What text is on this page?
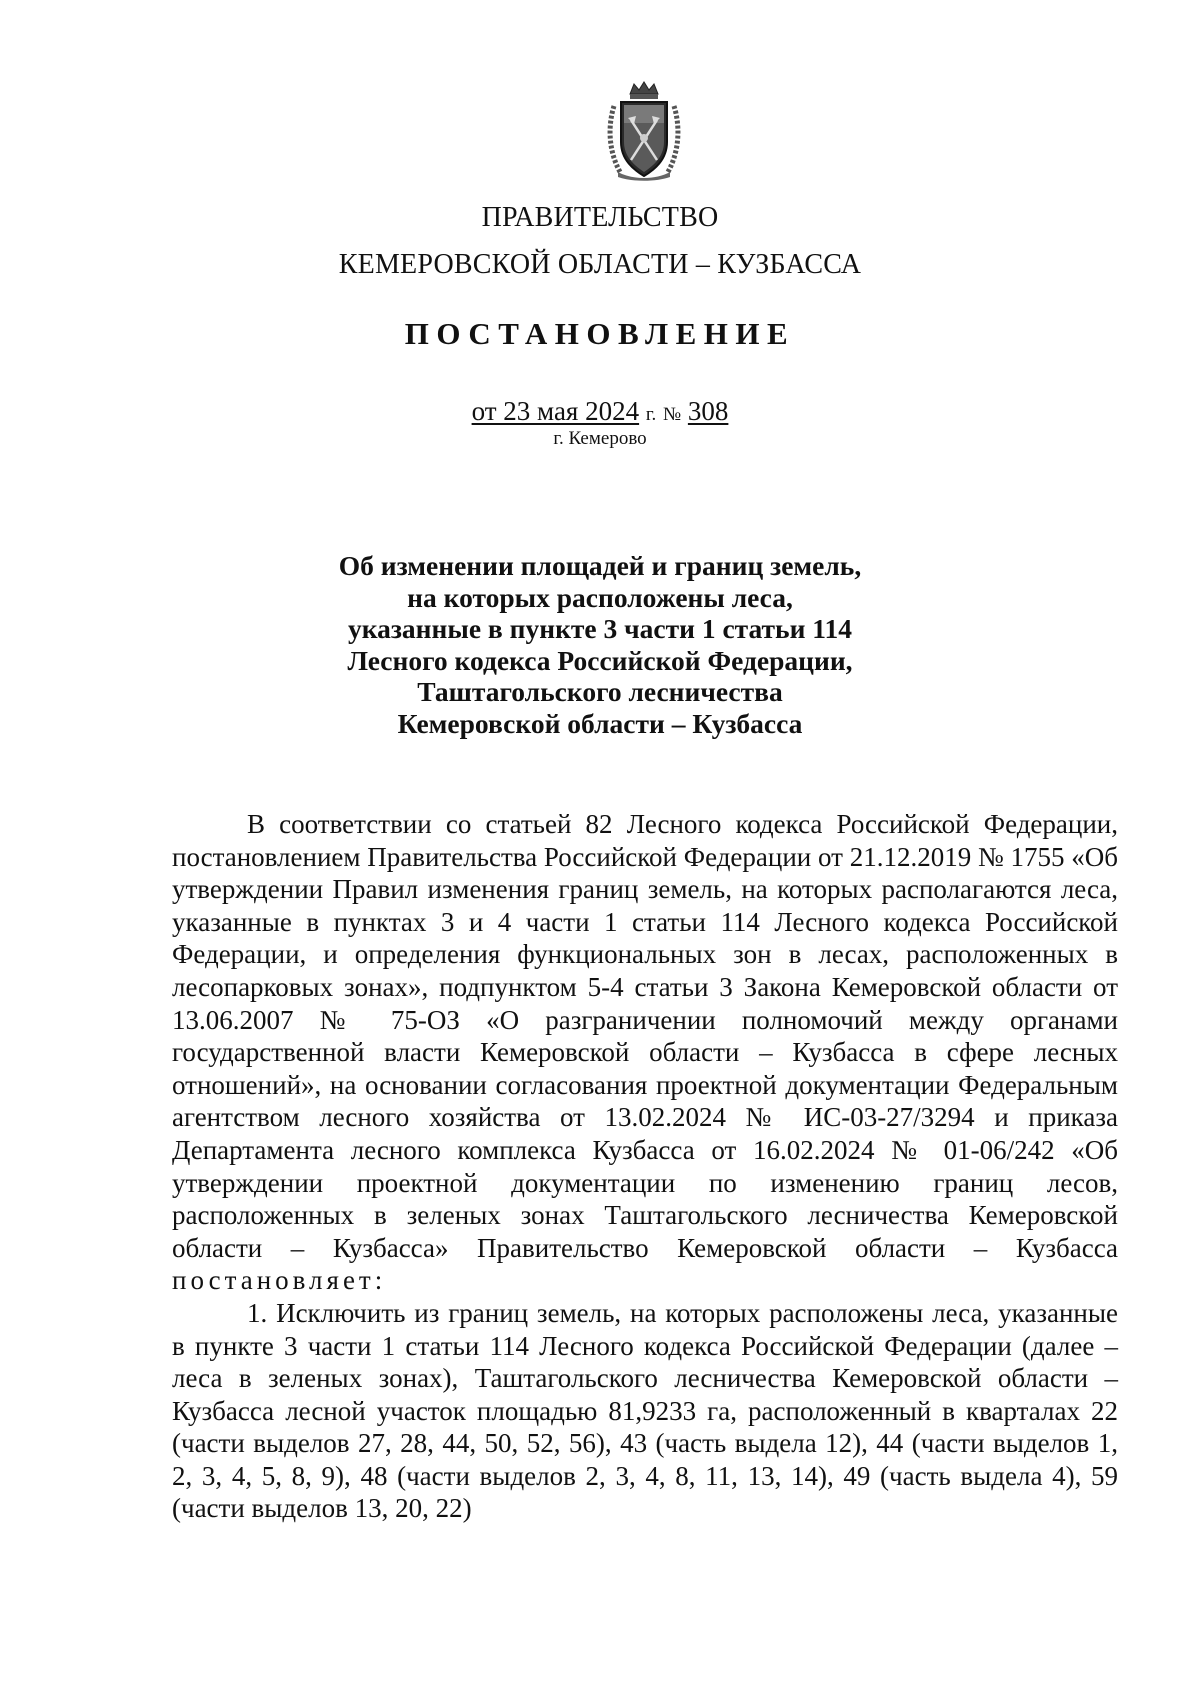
ПРАВИТЕЛЬСТВО
КЕМЕРОВСКОЙ ОБЛАСТИ – КУЗБАССА
ПОСТАНОВЛЕНИЕ
от 23 мая 2024 г. № 308
г. Кемерово
Об изменении площадей и границ земель,
на которых расположены леса,
указанные в пункте 3 части 1 статьи 114
Лесного кодекса Российской Федерации,
Таштагольского лесничества
Кемеровской области – Кузбасса

В соответствии со статьей 82 Лесного кодекса Российской Федерации, постановлением Правительства Российской Федерации от 21.12.2019 № 1755 «Об утверждении Правил изменения границ земель, на которых располагаются леса, указанные в пунктах 3 и 4 части 1 статьи 114 Лесного кодекса Российской Федерации, и определения функциональных зон в лесах, расположенных в лесопарковых зонах», подпунктом 5-4 статьи 3 Закона Кемеровской области от 13.06.2007 № 75-ОЗ «О разграничении полномочий между органами государственной власти Кемеровской области – Кузбасса в сфере лесных отношений», на основании согласования проектной документации Федеральным агентством лесного хозяйства от 13.02.2024 № ИС-03-27/3294 и приказа Департамента лесного комплекса Кузбасса от 16.02.2024 № 01-06/242 «Об утверждении проектной документации по изменению границ лесов, расположенных в зеленых зонах Таштагольского лесничества Кемеровской области – Кузбасса» Правительство Кемеровской области – Кузбасса постановляет:

1. Исключить из границ земель, на которых расположены леса, указанные в пункте 3 части 1 статьи 114 Лесного кодекса Российской Федерации (далее – леса в зеленых зонах), Таштагольского лесничества Кемеровской области – Кузбасса лесной участок площадью 81,9233 га, расположенный в кварталах 22 (части выделов 27, 28, 44, 50, 52, 56), 43 (часть выдела 12), 44 (части выделов 1, 2, 3, 4, 5, 8, 9), 48 (части выделов 2, 3, 4, 8, 11, 13, 14), 49 (часть выдела 4), 59 (части выделов 13, 20, 22)
